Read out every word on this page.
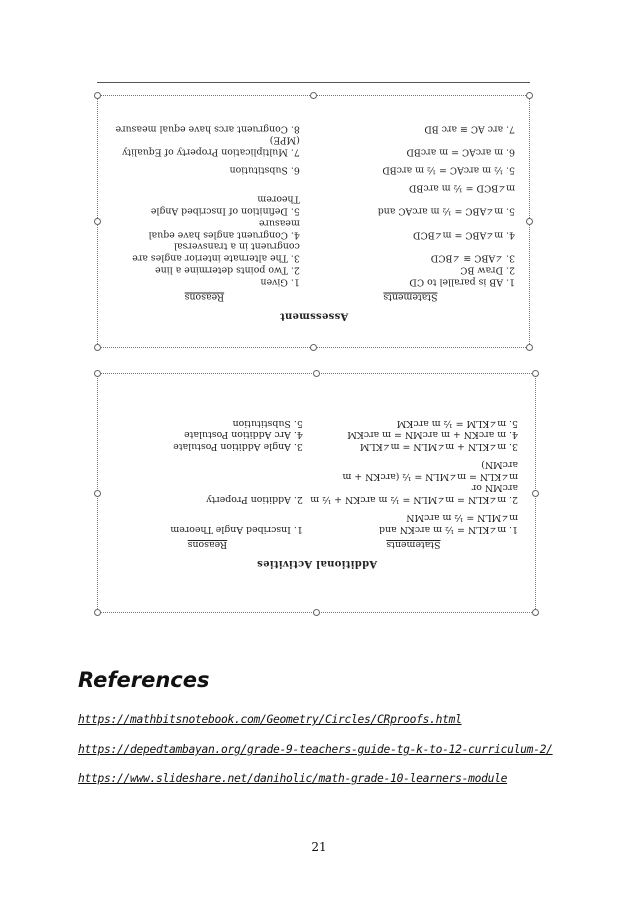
Assessment
Statements
Reasons
1. AB is parallel to CD
1. Given
2. Draw BC
2. Two points determine a line
3. ∠ABC ≅ ∠BCD
3. The alternate interior angles are congruent in a transversal
4. m∠ABC = m∠BCD
4. Congruent angles have equal measure
5. m∠ABC = ½ m arcAC and
5. Definition of Inscribed Angle Theorem
m∠BCD = ½ m arcBD
5. ½ m arcAC = ½ m arcBD
6. Substitution
6. m arcAC = m arcBD
7. Multiplication Property of Equality (MPE)
7. arc AC ≅ arc BD
8. Congruent arcs have equal measure
Additional Activities
Statements
Reasons
1. m∠KLN = ½ m arcKN and
1. Inscribed Angle Theorem
m∠MLN = ½ m arcMN
2. m∠KLN = m∠MLN = ½ m arcKN + ½ m arcMN or
2. Addition Property
m∠KLN = m∠MLN = ½ (arcKN + m arcMN)
3. m∠KLN + m∠MLN = m∠KLM
3. Angle Addition Postulate
4. m arcKN + m arcMN = m arcKM
4. Arc Addition Postulate
5. m∠KLM = ½ m arcKM
5. Substitution
References
https://mathbitsnotebook.com/Geometry/Circles/CRproofs.html
https://depedtambayan.org/grade-9-teachers-guide-tg-k-to-12-curriculum-2/
https://www.slideshare.net/daniholic/math-grade-10-learners-module
21
